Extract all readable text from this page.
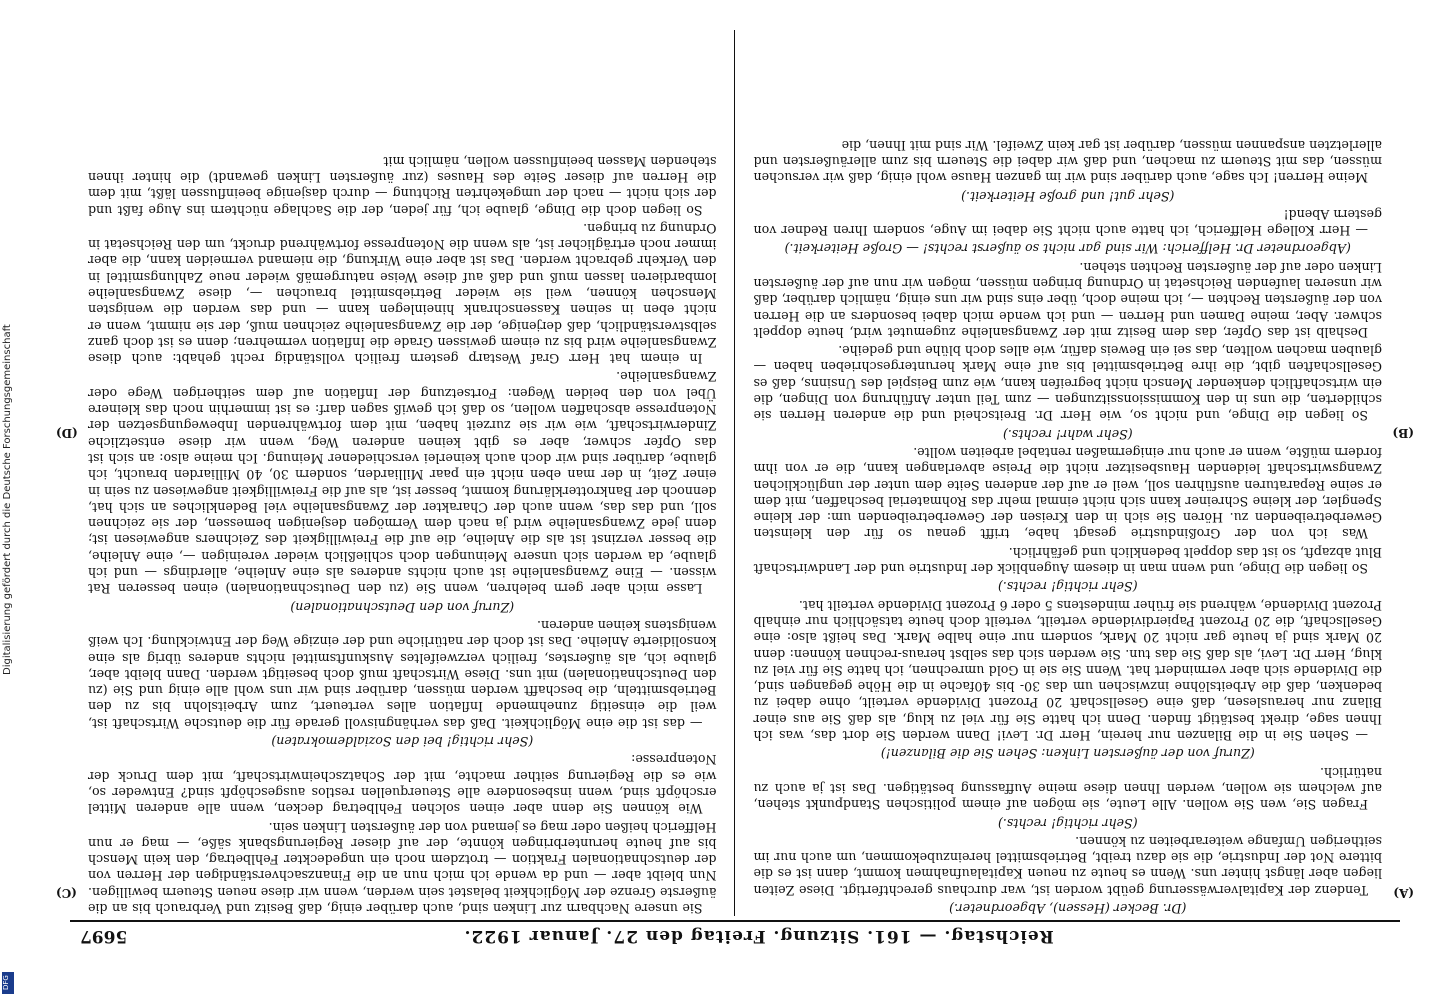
Reichstag. — 161. Sitzung. Freitag den 27. Januar 1922.
5697

(Dr. Becker (Hessen), Abgeordneter.)

Tendenz der Kapitalverwässerung geübt worden ist, war durchaus gerechtfertigt. Diese Zeiten liegen aber längst hinter uns. Wenn es heute zu neuen Kapitalaufnahmen kommt, dann ist es die bittere Not der Industrie, die sie dazu treibt, Betriebsmittel hereinzubekommen, um auch nur im seitherigen Umfange weiterarbeiten zu können.

(Sehr richtig! rechts.)

Fragen Sie, wen Sie wollen. Alle Leute, sie mögen auf einem politischen Standpunkt stehen, auf welchem sie wollen, werden Ihnen diese meine Auffassung bestätigen. Das ist ja auch zu natürlich.

(Zuruf von der äußersten Linken: Sehen Sie die Bilanzen!)

— Sehen Sie in die Bilanzen nur herein, Herr Dr. Levi! Dann werden Sie dort das, was ich Ihnen sage, direkt bestätigt finden. Denn ich hatte Sie für viel zu klug, als daß Sie aus einer Bilanz nur herauslesen, daß eine Gesellschaft 20 Prozent Dividende verteilt, ohne dabei zu bedenken, daß die Arbeitslöhne inzwischen um das 30- bis 40fache in die Höhe gegangen sind, die Dividende sich aber vermindert hat. Wenn Sie sie in Gold umrechnen, ich hatte Sie für viel zu klug, Herr Dr. Levi, als daß Sie das tun. Sie werden sich das selbst heraus-rechnen können: denn 20 Mark sind ja heute gar nicht 20 Mark, sondern nur eine halbe Mark. Das heißt also: eine Gesellschaft, die 20 Prozent Papierdividende verteilt, verteilt doch heute tatsächlich nur einhalb Prozent Dividende, während sie früher mindestens 5 oder 6 Prozent Dividende verteilt hat.

(Sehr richtig! rechts.)

So liegen die Dinge, und wenn man in diesem Augenblick der Industrie und der Landwirtschaft Blut abzapft, so ist das doppelt bedenklich und gefährlich.

Was ich von der Großindustrie gesagt habe, trifft genau so für den kleinsten Gewerbetreibenden zu. Hören Sie sich in den Kreisen der Gewerbetreibenden um: der kleine Spengler, der kleine Schreiner kann sich nicht einmal mehr das Rohmaterial beschaffen, mit dem er seine Reparaturen ausführen soll, weil er auf der anderen Seite dem unter der unglücklichen Zwangswirtschaft leidenden Hausbesitzer nicht die Preise abverlangen kann, die er von ihm fordern müßte, wenn er auch nur einigermaßen rentabel arbeiten wollte.

(Sehr wahr! rechts.)

So liegen die Dinge, und nicht so, wie Herr Dr. Breitscheid und die anderen Herren sie schilderten, die uns in den Kommissionssitzungen — zum Teil unter Anführung von Dingen, die ein wirtschaftlich denkender Mensch nicht begreifen kann, wie zum Beispiel des Unsinns, daß es Gesellschaften gibt, die ihre Betriebsmittel bis auf eine Mark heruntergeschrieben haben — glauben machen wollten, das sei ein Beweis dafür, wie alles doch blühe und gedeihe.

Deshalb ist das Opfer, das dem Besitz mit der Zwangsanleihe zugemutet wird, heute doppelt schwer. Aber, meine Damen und Herren — und ich wende mich dabei besonders an die Herren von der äußersten Rechten —, ich meine doch, über eins sind wir uns einig, nämlich darüber, daß wir unseren laufenden Reichsetat in Ordnung bringen müssen, mögen wir nun auf der äußersten Linken oder auf der äußersten Rechten stehen.

(Abgeordneter Dr. Helfferich: Wir sind gar nicht so äußerst rechts! — Große Heiterkeit.)

— Herr Kollege Helfferich, ich hatte auch nicht Sie dabei im Auge, sondern Ihren Redner von gestern Abend!

(Sehr gut! und große Heiterkeit.)

Meine Herren! Ich sage, auch darüber sind wir im ganzen Hause wohl einig, daß wir versuchen müssen, das mit Steuern zu machen, und daß wir dabei die Steuern bis zum alleräußersten und allerletzten anspannen müssen, darüber ist gar kein Zweifel. Wir sind mit Ihnen, die

Sie unsere Nachbarn zur Linken sind, auch darüber einig, daß Besitz und Verbrauch bis an die äußerste Grenze der Möglichkeit belastet sein werden, wenn wir diese neuen Steuern bewilligen. Nun bleibt aber — und da wende ich mich nun an die Finanzsachverständigen der Herren von der deutschnationalen Fraktion — trotzdem noch ein ungedeckter Fehlbetrag, den kein Mensch bis auf heute herunterbringen könnte, der auf dieser Regierungsbank säße, — mag er nun Helfferich heißen oder mag es jemand von der äußersten Linken sein.

Wie können Sie denn aber einen solchen Fehlbetrag decken, wenn alle anderen Mittel erschöpft sind, wenn insbesondere alle Steuerquellen restlos ausgeschöpft sind? Entweder so, wie es die Regierung seither machte, mit der Schatzscheinwirtschaft, mit dem Druck der Notenpresse:

(Sehr richtig! bei den Sozialdemokraten)

— das ist die eine Möglichkeit. Daß das verhängnisvoll gerade für die deutsche Wirtschaft ist, weil die einseitig zunehmende Inflation alles verteuert, zum Arbeitslohn bis zu den Betriebsmitteln, die beschafft werden müssen, darüber sind wir uns wohl alle einig und Sie (zu den Deutschnationalen) mit uns. Diese Wirtschaft muß doch beseitigt werden. Dann bleibt aber, glaube ich, als äußerstes, freilich verzweifeltes Auskunftsmittel nichts anderes übrig als eine konsolidierte Anleihe. Das ist doch der natürliche und der einzige Weg der Entwicklung. Ich weiß wenigstens keinen anderen.

(Zuruf von den Deutschnationalen)

Lasse mich aber gern belehren, wenn Sie (zu den Deutschnationalen) einen besseren Rat wissen. — Eine Zwangsanleihe ist auch nichts anderes als eine Anleihe, allerdings — und ich glaube, da werden sich unsere Meinungen doch schließlich wieder vereinigen —, eine Anleihe, die besser verzinst ist als die Anleihe, die auf die Freiwilligkeit des Zeichners angewiesen ist; denn jede Zwangsanleihe wird ja nach dem Vermögen desjenigen bemessen, der sie zeichnen soll, und das das, wenn auch der Charakter der Zwangsanleihe viel Bedenkliches an sich hat, dennoch der Bankrotterklärung kommt, besser ist, als auf die Freiwilligkeit angewiesen zu sein in einer Zeit, in der man eben nicht ein paar Milliarden, sondern 30, 40 Milliarden braucht, ich glaube, darüber sind wir doch auch keinerlei verschiedener Meinung. Ich meine also: an sich ist das Opfer schwer, aber es gibt keinen anderen Weg, wenn wir diese entsetzliche Zinderwirtschaft, wie wir sie zurzeit haben, mit dem fortwährenden Inbewegungsetzen der Notenpresse abschaffen wollen, so daß ich gewiß sagen darf: es ist immerhin noch das kleinere Übel von den beiden Wegen: Fortsetzung der Inflation auf dem seitherigen Wege oder Zwangsanleihe.

In einem hat Herr Graf Westarp gestern freilich vollständig recht gehabt: auch diese Zwangsanleihe wird bis zu einem gewissen Grade die Inflation vermehren; denn es ist doch ganz selbstverständlich, daß derjenige, der die Zwangsanleihe zeichnen muß, der sie nimmt, wenn er nicht eben in seinen Kassenschrank hineinlegen kann — und das werden die wenigsten Menschen können, weil sie wieder Betriebsmittel brauchen —, diese Zwangsanleihe lombardieren lassen muß und daß auf diese Weise naturgemäß wieder neue Zahlungsmittel in den Verkehr gebracht werden. Das ist aber eine Wirkung, die niemand vermeiden kann, die aber immer noch erträglicher ist, als wenn die Notenpresse fortwährend druckt, um den Reichsetat in Ordnung zu bringen.

So liegen doch die Dinge, glaube ich, für jeden, der die Sachlage nüchtern ins Auge faßt und der sich nicht — nach der umgekehrten Richtung — durch dasjenige beeinflussen läßt, mit dem die Herren auf dieser Seite des Hauses (zur äußersten Linken gewandt) die hinter ihnen stehenden Massen beeinflussen wollen, nämlich mit

(A)
(B)
(C)
(D)
Digitalisierung gefördert durch die Deutsche Forschungsgemeinschaft
DFG
